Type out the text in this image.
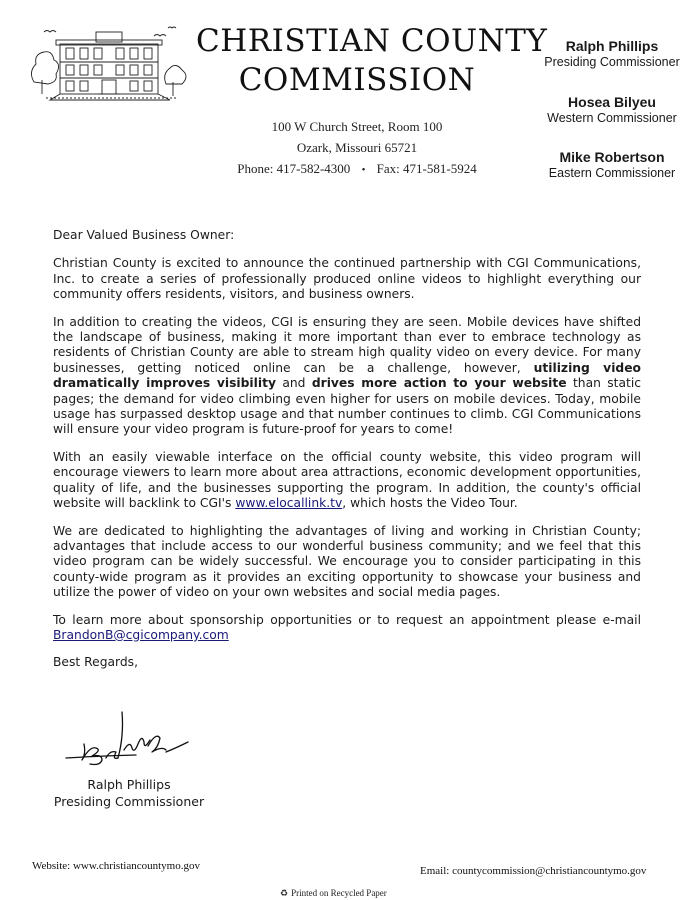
CHRISTIAN COUNTY
COMMISSION
100 W Church Street, Room 100
Ozark, Missouri 65721
Phone: 417-582-4300 • Fax: 471-581-5924
Ralph Phillips
Presiding Commissioner
Hosea Bilyeu
Western Commissioner
Mike Robertson
Eastern Commissioner

Dear Valued Business Owner:

Christian County is excited to announce the continued partnership with CGI Communications, Inc. to create a series of professionally produced online videos to highlight everything our community offers residents, visitors, and business owners.

In addition to creating the videos, CGI is ensuring they are seen. Mobile devices have shifted the landscape of business, making it more important than ever to embrace technology as residents of Christian County are able to stream high quality video on every device. For many businesses, getting noticed online can be a challenge, however, utilizing video dramatically improves visibility and drives more action to your website than static pages; the demand for video climbing even higher for users on mobile devices. Today, mobile usage has surpassed desktop usage and that number continues to climb. CGI Communications will ensure your video program is future-proof for years to come!

With an easily viewable interface on the official county website, this video program will encourage viewers to learn more about area attractions, economic development opportunities, quality of life, and the businesses supporting the program. In addition, the county's official website will backlink to CGI's www.elocallink.tv, which hosts the Video Tour.

We are dedicated to highlighting the advantages of living and working in Christian County; advantages that include access to our wonderful business community; and we feel that this video program can be widely successful. We encourage you to consider participating in this county-wide program as it provides an exciting opportunity to showcase your business and utilize the power of video on your own websites and social media pages.

To learn more about sponsorship opportunities or to request an appointment please e-mail BrandonB@cgicompany.com

Best Regards,

Ralph Phillips
Presiding Commissioner
Website: www.christiancountymo.gov	Email: countycommission@christiancountymo.gov
♻ Printed on Recycled Paper
